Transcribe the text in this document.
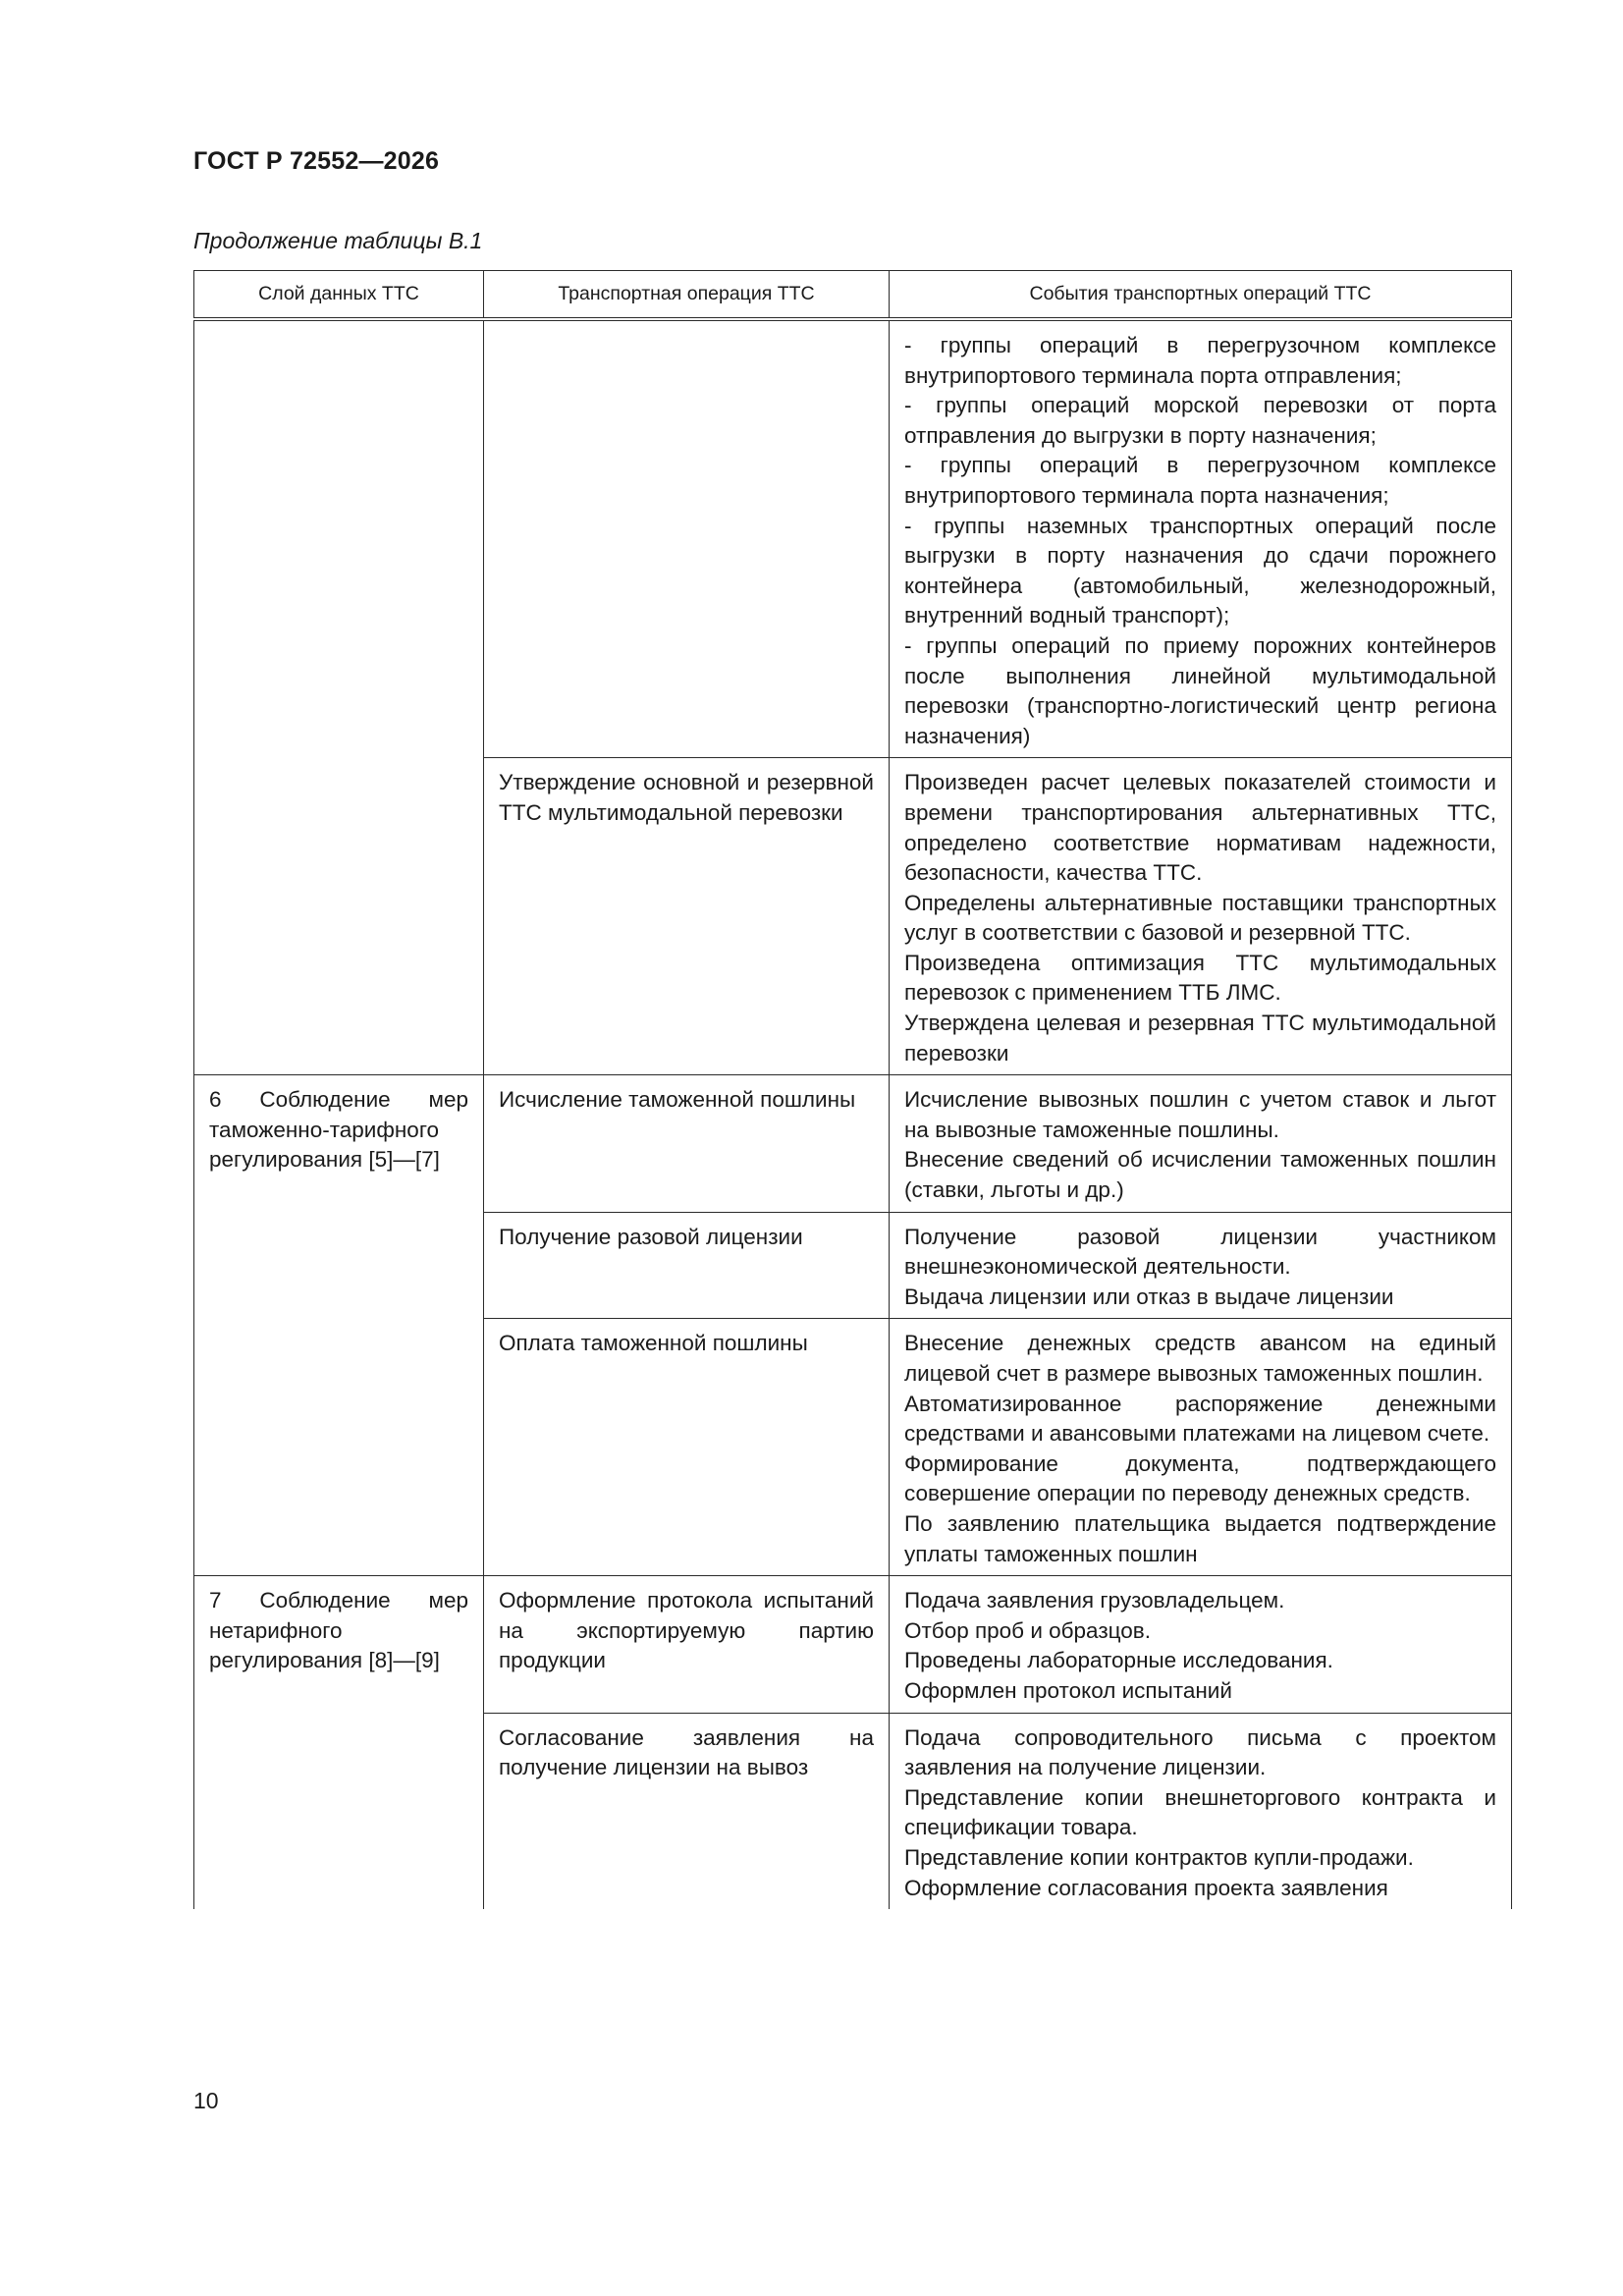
ГОСТ Р 72552—2026
Продолжение таблицы В.1
Слой данных ТТС	Транспортная операция ТТС	События транспортных операций ТТС

		- группы операций в перегрузочном комплексе внутрипортового терминала порта отправления;

- группы операций морской перевозки от порта отправления до выгрузки в порту назначения;

- группы операций в перегрузочном комплексе внутрипортового терминала порта назначения;

- группы наземных транспортных операций после выгрузки в порту назначения до сдачи порожнего контейнера (автомобильный, железнодорожный, внутренний водный транспорт);

- группы операций по приему порожних контейнеров после выполнения линейной мультимодальной перевозки (транспортно-логистический центр региона назначения)

	Утверждение основной и резервной ТТС мультимодальной перевозки	Произведен расчет целевых показателей стоимости и времени транспортирования альтернативных ТТС, определено соответствие нормативам надежности, безопасности, качества ТТС.

Определены альтернативные поставщики транспортных услуг в соответствии с базовой и резервной ТТС.

Произведена оптимизация ТТС мультимодальных перевозок с применением ТТБ ЛМС.

Утверждена целевая и резервная ТТС мультимодальной перевозки

6 Соблюдение мер таможенно-тарифного регулирования [5]—[7]	Исчисление таможенной пошлины	Исчисление вывозных пошлин с учетом ставок и льгот на вывозные таможенные пошлины.

Внесение сведений об исчислении таможенных пошлин (ставки, льготы и др.)

	Получение разовой лицензии	Получение разовой лицензии участником внешнеэкономической деятельности.

Выдача лицензии или отказ в выдаче лицензии

	Оплата таможенной пошлины	Внесение денежных средств авансом на единый лицевой счет в размере вывозных таможенных пошлин.

Автоматизированное распоряжение денежными средствами и авансовыми платежами на лицевом счете.

Формирование документа, подтверждающего совершение операции по переводу денежных средств.

По заявлению плательщика выдается подтверждение уплаты таможенных пошлин

7 Соблюдение мер нетарифного регулирования [8]—[9]	Оформление протокола испытаний на экспортируемую партию продукции	Подача заявления грузовладельцем.

Отбор проб и образцов.

Проведены лабораторные исследования.

Оформлен протокол испытаний

	Согласование заявления на получение лицензии на вывоз	Подача сопроводительного письма с проектом заявления на получение лицензии.

Представление копии внешнеторгового контракта и спецификации товара.

Представление копии контрактов купли-продажи.

Оформление согласования проекта заявления

10
